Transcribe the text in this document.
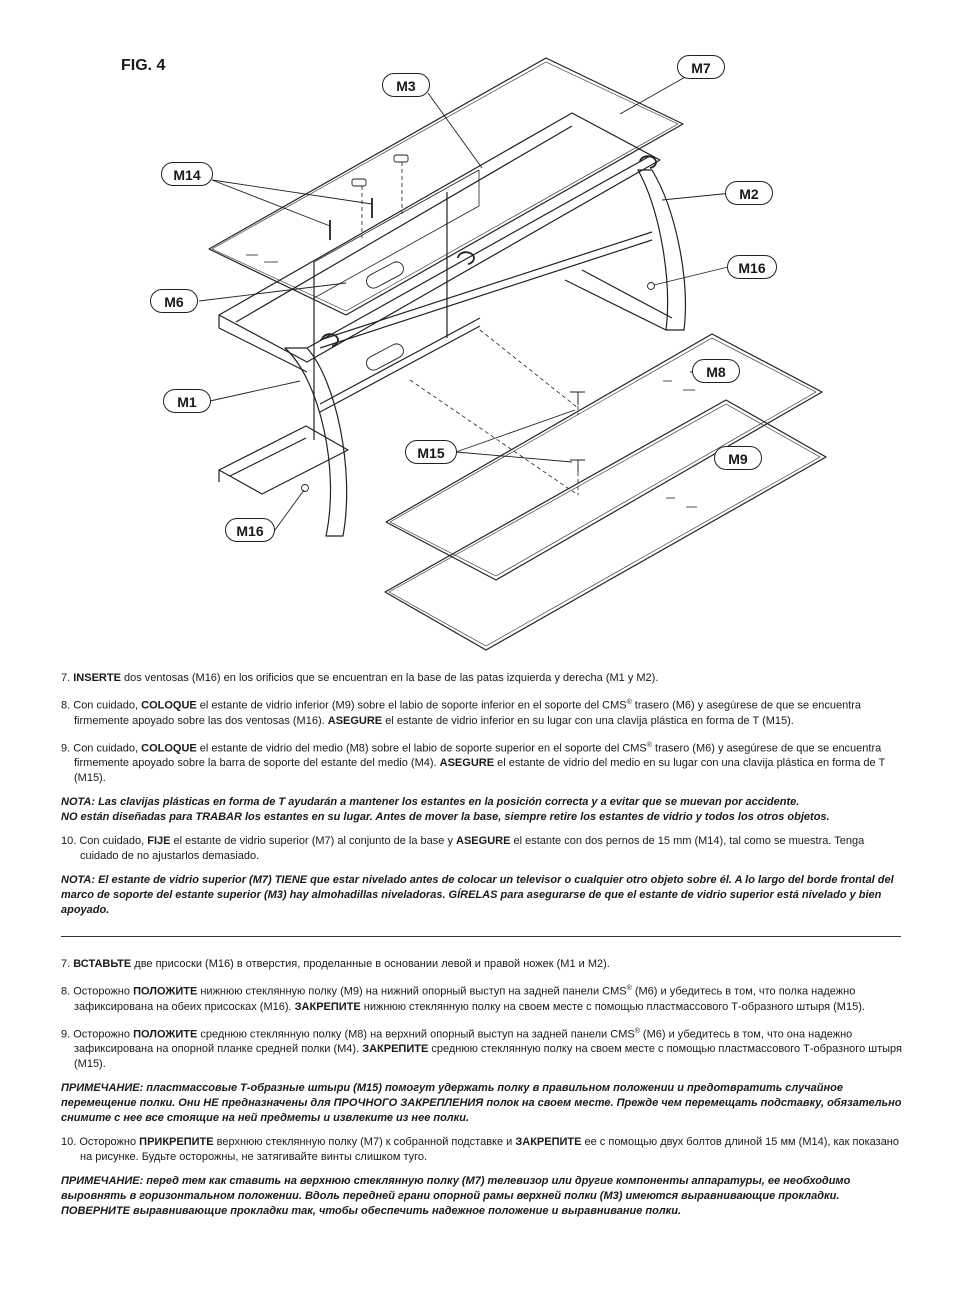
FIG. 4	M7
M3
M14
M2
M16
M6
M1
M8
M15	M9
M16

7. INSERTE dos ventosas (M16) en los orificios que se encuentran en la base de las patas izquierda y derecha (M1 y M2).

8. Con cuidado, COLOQUE el estante de vidrio inferior (M9) sobre el labio de soporte inferior en el soporte del CMS® trasero (M6) y asegúrese de que se encuentra firmemente apoyado sobre las dos ventosas (M16). ASEGURE el estante de vidrio inferior en su lugar con una clavija plástica en forma de T (M15).

9. Con cuidado, COLOQUE el estante de vidrio del medio (M8) sobre el labio de soporte superior en el soporte del CMS® trasero (M6) y asegúrese de que se encuentra firmemente apoyado sobre la barra de soporte del estante del medio (M4). ASEGURE el estante de vidrio del medio en su lugar con una clavija plástica en forma de T (M15).

NOTA: Las clavijas plásticas en forma de T ayudarán a mantener los estantes en la posición correcta y a evitar que se muevan por accidente.
NO están diseñadas para TRABAR los estantes en su lugar. Antes de mover la base, siempre retire los estantes de vidrio y todos los otros objetos.

10. Con cuidado, FIJE el estante de vidrio superior (M7) al conjunto de la base y ASEGURE el estante con dos pernos de 15 mm (M14), tal como se muestra. Tenga cuidado de no ajustarlos demasiado.

NOTA: El estante de vidrio superior (M7) TIENE que estar nivelado antes de colocar un televisor o cualquier otro objeto sobre él. A lo largo del borde frontal del marco de soporte del estante superior (M3) hay almohadillas niveladoras. GÍRELAS para asegurarse de que el estante de vidrio superior está nivelado y bien apoyado.

7. ВСТАВЬТЕ две присоски (M16) в отверстия, проделанные в основании левой и правой ножек (M1 и M2).

8. Осторожно ПОЛОЖИТЕ нижнюю стеклянную полку (M9) на нижний опорный выступ на задней панели CMS® (M6) и убедитесь в том, что полка надежно зафиксирована на обеих присосках (M16). ЗАКРЕПИТЕ нижнюю стеклянную полку на своем месте с помощью пластмассового Т-образного штыря (M15).

9. Осторожно ПОЛОЖИТЕ среднюю стеклянную полку (M8) на верхний опорный выступ на задней панели CMS® (M6) и убедитесь в том, что она надежно зафиксирована на опорной планке средней полки (M4). ЗАКРЕПИТЕ среднюю стеклянную полку на своем месте с помощью пластмассового Т-образного штыря (M15).

ПРИМЕЧАНИЕ: пластмассовые Т-образные штыри (M15) помогут удержать полку в правильном положении и предотвратить случайное перемещение полки. Они НЕ предназначены для ПРОЧНОГО ЗАКРЕПЛЕНИЯ полок на своем месте. Прежде чем перемещать подставку, обязательно снимите с нее все стоящие на ней предметы и извлеките из нее полки.

10. Осторожно ПРИКРЕПИТЕ верхнюю стеклянную полку (M7) к собранной подставке и ЗАКРЕПИТЕ ее с помощью двух болтов длиной 15 мм (M14), как показано на рисунке. Будьте осторожны, не затягивайте винты слишком туго.

ПРИМЕЧАНИЕ: перед тем как ставить на верхнюю стеклянную полку (M7) телевизор или другие компоненты аппаратуры, ее необходимо выровнять в горизонтальном положении. Вдоль передней грани опорной рамы верхней полки (M3) имеются выравнивающие прокладки. ПОВЕРНИТЕ выравнивающие прокладки так, чтобы обеспечить надежное положение и выравнивание полки.
